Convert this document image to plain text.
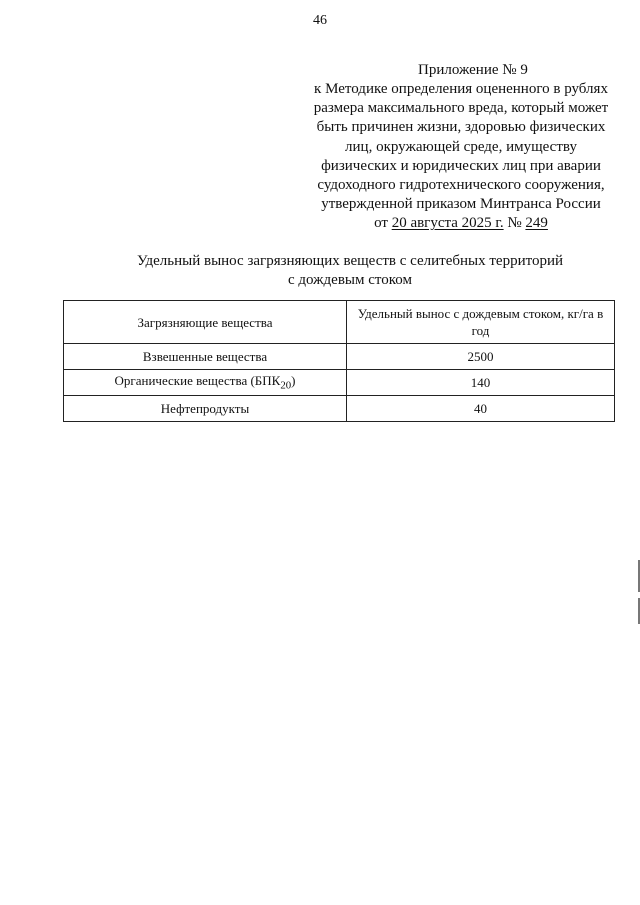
46
Приложение № 9
к Методике определения оцененного в рублях
размера максимального вреда, который может
быть причинен жизни, здоровью физических
лиц, окружающей среде, имуществу
физических и юридических лиц при аварии
судоходного гидротехнического сооружения,
утвержденной приказом Минтранса России
от 20 августа 2025 г. № 249
Удельный вынос загрязняющих веществ с селитебных территорий
с дождевым стоком
Загрязняющие вещества	Удельный вынос с дождевым стоком, кг/га в год
Взвешенные вещества	2500
Органические вещества $(БПК_{20})$	140
Нефтепродукты	40
